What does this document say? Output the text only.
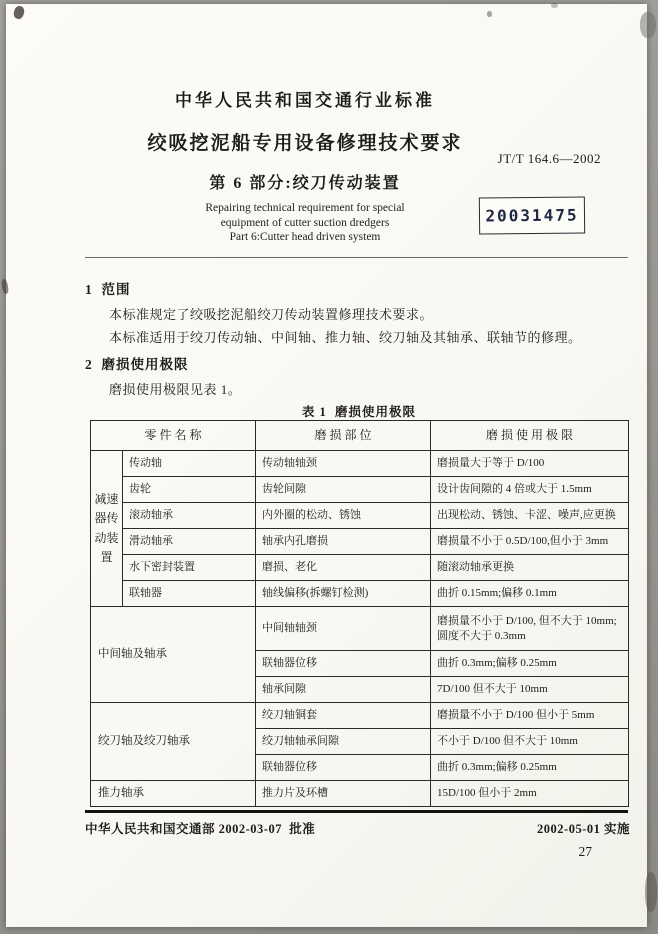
中华人民共和国交通行业标准
绞吸挖泥船专用设备修理技术要求
JT/T 164.6—2002
第 6 部分:绞刀传动装置
Repairing technical requirement for special
equipment of cutter suction dredgers
Part 6:Cutter head driven system
20031475
1  范围
本标准规定了绞吸挖泥船绞刀传动装置修理技术要求。
本标准适用于绞刀传动轴、中间轴、推力轴、绞刀轴及其轴承、联轴节的修理。
2  磨损使用极限
磨损使用极限见表 1。
表 1  磨损使用极限
零 件 名 称		磨 损 部 位	磨 损 使 用 极 限
减速器传动装置	传动轴	传动轴轴颈	磨损量大于等于 D/100
	齿轮	齿轮间隙	设计齿间隙的 4 倍或大于 1.5mm
	滚动轴承	内外圈的松动、锈蚀	出现松动、锈蚀、卡涩、噪声,应更换
	滑动轴承	轴承内孔磨损	磨损量不小于 0.5D/100,但小于 3mm
	水下密封装置	磨损、老化	随滚动轴承更换
	联轴器	轴线偏移(拆螺钉检测)	曲折 0.15mm;偏移 0.1mm
中间轴及轴承		中间轴轴颈	磨损量不小于 D/100, 但不大于 10mm;圆度不大于 0.3mm
		联轴器位移	曲折 0.3mm;偏移 0.25mm
		轴承间隙	7D/100 但不大于 10mm
绞刀轴及绞刀轴承		绞刀轴铜套	磨损量不小于 D/100 但小于 5mm
		绞刀轴轴承间隙	不小于 D/100 但不大于 10mm
		联轴器位移	曲折 0.3mm;偏移 0.25mm
推力轴承		推力片及环槽	15D/100 但小于 2mm
中华人民共和国交通部 2002-03-07  批准	2002-05-01 实施
27
